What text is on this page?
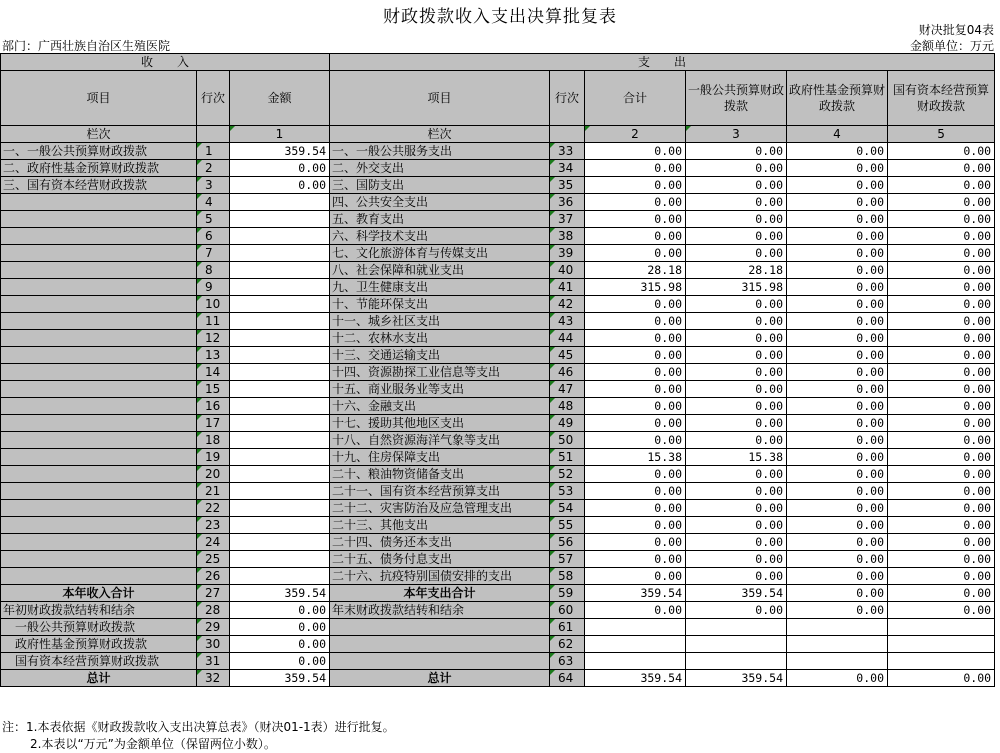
财政拨款收入支出决算批复表
财决批复04表
部门：广西壮族自治区生殖医院	金额单位：万元
收　　入			支　　出					
项目	行次	金额	项目	行次	合计	一般公共预算财政拨款	政府性基金预算财政拨款	国有资本经营预算财政拨款
栏次		1	栏次		2	3	4	5
一、一般公共预算财政拨款	1	359.54	一、一般公共服务支出	33	0.00	0.00	0.00	0.00
二、政府性基金预算财政拨款	2	0.00	二、外交支出	34	0.00	0.00	0.00	0.00
三、国有资本经营财政拨款	3	0.00	三、国防支出	35	0.00	0.00	0.00	0.00
	4		四、公共安全支出	36	0.00	0.00	0.00	0.00
	5		五、教育支出	37	0.00	0.00	0.00	0.00
	6		六、科学技术支出	38	0.00	0.00	0.00	0.00
	7		七、文化旅游体育与传媒支出	39	0.00	0.00	0.00	0.00
	8		八、社会保障和就业支出	40	28.18	28.18	0.00	0.00
	9		九、卫生健康支出	41	315.98	315.98	0.00	0.00
	10		十、节能环保支出	42	0.00	0.00	0.00	0.00
	11		十一、城乡社区支出	43	0.00	0.00	0.00	0.00
	12		十二、农林水支出	44	0.00	0.00	0.00	0.00
	13		十三、交通运输支出	45	0.00	0.00	0.00	0.00
	14		十四、资源勘探工业信息等支出	46	0.00	0.00	0.00	0.00
	15		十五、商业服务业等支出	47	0.00	0.00	0.00	0.00
	16		十六、金融支出	48	0.00	0.00	0.00	0.00
	17		十七、援助其他地区支出	49	0.00	0.00	0.00	0.00
	18		十八、自然资源海洋气象等支出	50	0.00	0.00	0.00	0.00
	19		十九、住房保障支出	51	15.38	15.38	0.00	0.00
	20		二十、粮油物资储备支出	52	0.00	0.00	0.00	0.00
	21		二十一、国有资本经营预算支出	53	0.00	0.00	0.00	0.00
	22		二十二、灾害防治及应急管理支出	54	0.00	0.00	0.00	0.00
	23		二十三、其他支出	55	0.00	0.00	0.00	0.00
	24		二十四、债务还本支出	56	0.00	0.00	0.00	0.00
	25		二十五、债务付息支出	57	0.00	0.00	0.00	0.00
	26		二十六、抗疫特别国债安排的支出	58	0.00	0.00	0.00	0.00
本年收入合计	27	359.54	本年支出合计	59	359.54	359.54	0.00	0.00
年初财政拨款结转和结余	28	0.00	年末财政拨款结转和结余	60	0.00	0.00	0.00	0.00
一般公共预算财政拨款	29	0.00		61				
政府性基金预算财政拨款	30	0.00		62				
国有资本经营预算财政拨款	31	0.00		63				
总计	32	359.54	总计	64	359.54	359.54	0.00	0.00
注：1.本表依据《财政拨款收入支出决算总表》（财决01-1表）进行批复。
2.本表以“万元”为金额单位（保留两位小数）。
